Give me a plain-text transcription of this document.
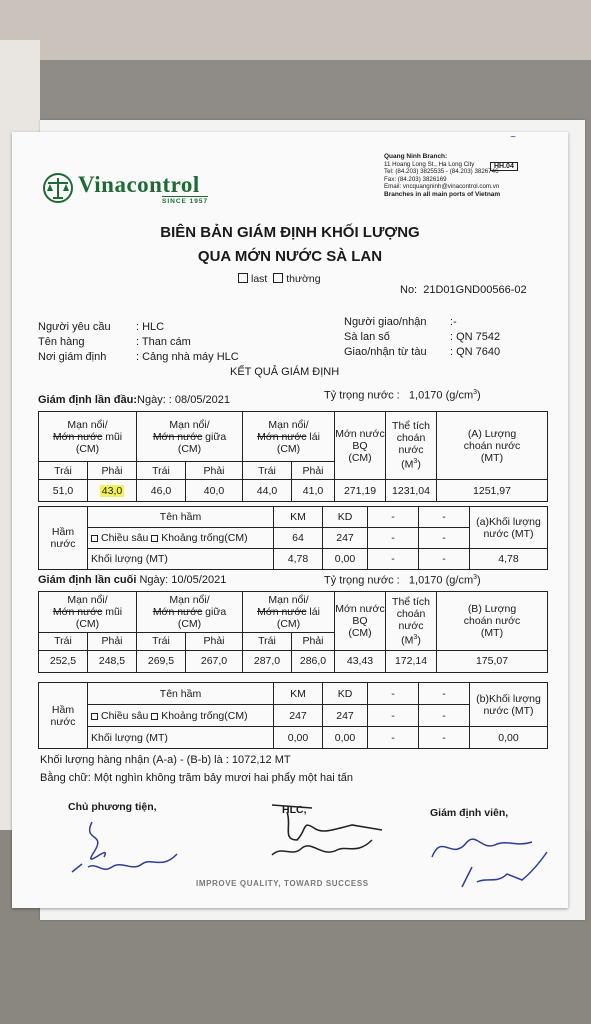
Vinacontrol
SINCE 1957
Quang Ninh Branch:
11 Hoang Long St., Ha Long City
Tel: (84.203) 3825535 - (84.203) 3826746
Fax: (84.203) 3826169
Email: vncquangninh@vinacontrol.com.vn
Branches in all main ports of Vietnam
HH.04
~
BIÊN BẢN GIÁM ĐỊNH KHỐI LƯỢNG
QUA MỚN NƯỚC SÀ LAN
last thường
No: 21D01GND00566-02
Người yêu cầu : HLC
Tên hàng	: Than cám
Nơi giám định	: Cảng nhà máy HLC
Người giao/nhận :-
Sà lan số	: QN 7542
Giao/nhận từ tàu : QN 7640
KẾT QUẢ GIÁM ĐỊNH
Giám định lần đầu:Ngày: : 08/05/2021	Tỷ trọng nước : 1,0170 $(g/cm^3)$
Mạn nổi/
Mớn nước mũi
(CM)		Mạn nổi/
Mớn nước giữa
(CM)		Mạn nổi/
Mớn nước lái
(CM)		Mớn nước
BQ
(CM)	Thể tích
choán
nước
$(M^3)$	(A) Lượng
choán nước
(MT)
Trái	Phải	Trái	Phải	Trái	Phải			
51,0	43,0	46,0	40,0	44,0	41,0	271,19	1231,04	1251,97
Hầm
nước	Tên hầm	KM	KD	-	-	(a)Khối lượng
nước (MT)
	Chiều sâu Khoảng trống(CM)	64	247	-	-	
	Khối lượng (MT)	4,78	0,00	-	-	4,78
Giám định lần cuối Ngày: 10/05/2021	Tỷ trọng nước : 1,0170 $(g/cm^3)$
Mạn nổi/
Mớn nước mũi
(CM)		Mạn nổi/
Mớn nước giữa
(CM)		Mạn nổi/
Mớn nước lái
(CM)		Mớn nước
BQ
(CM)	Thể tích
choán
nước
$(M^3)$	(B) Lượng
choán nước
(MT)
Trái	Phải	Trái	Phải	Trái	Phải			
252,5	248,5	269,5	267,0	287,0	286,0	43,43	172,14	175,07
Hầm
nước	Tên hầm	KM	KD	-	-	(b)Khối lượng
nước (MT)
	Chiều sâu Khoảng trống(CM)	247	247	-	-	
	Khối lượng (MT)	0,00	0,00	-	-	0,00
Khối lượng hàng nhận (A-a) - (B-b) là : 1072,12 MT
Bằng chữ: Một nghìn không trăm bảy mươi hai phẩy một hai tấn
Chủ phương tiện,	HLC,	Giám định viên,
IMPROVE QUALITY, TOWARD SUCCESS
